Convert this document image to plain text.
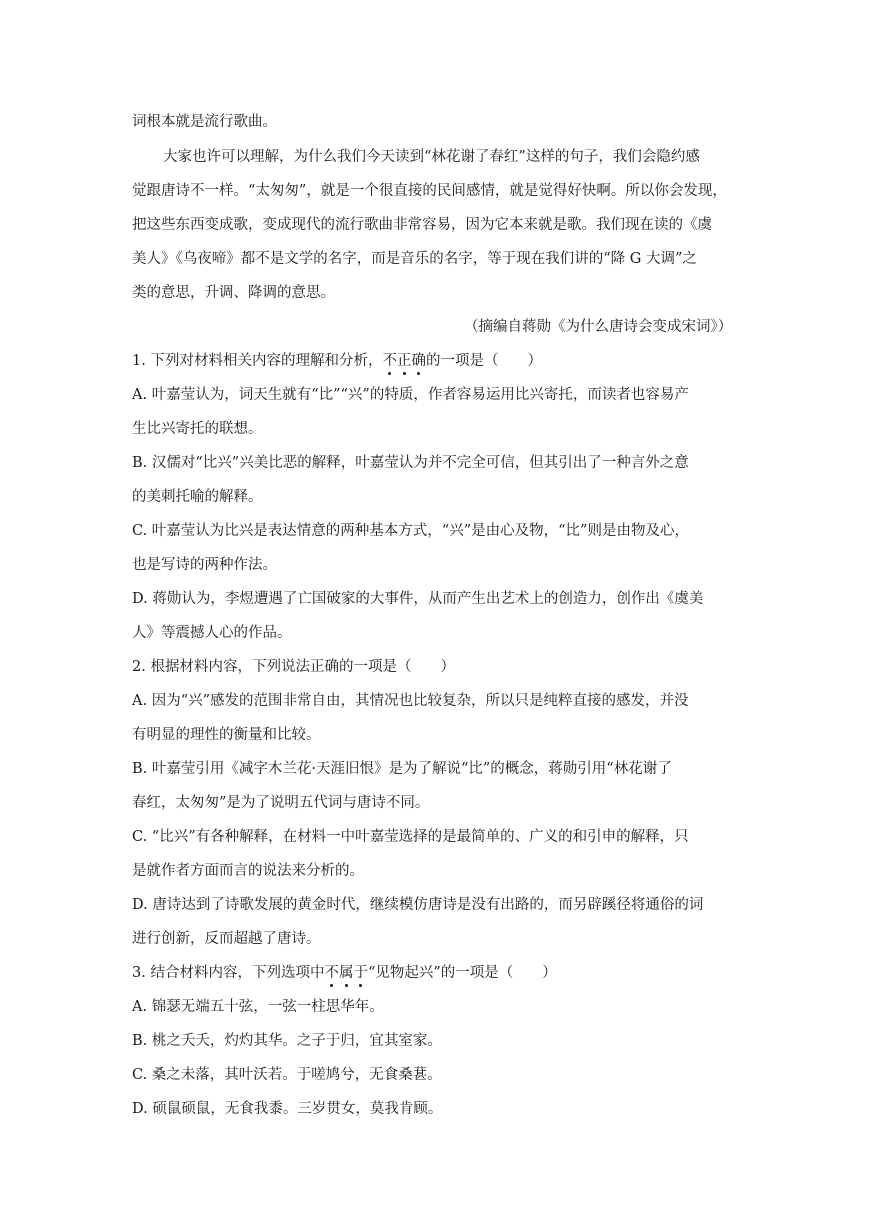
词根本就是流行歌曲。
大家也许可以理解，为什么我们今天读到“林花谢了春红”这样的句子，我们会隐约感
觉跟唐诗不一样。“太匆匆”，就是一个很直接的民间感情，就是觉得好快啊。所以你会发现，
把这些东西变成歌，变成现代的流行歌曲非常容易，因为它本来就是歌。我们现在读的《虞
美人》《乌夜啼》都不是文学的名字，而是音乐的名字，等于现在我们讲的“降 G 大调”之
类的意思，升调、降调的意思。
（摘编自蒋勋《为什么唐诗会变成宋词》）
1. 下列对材料相关内容的理解和分析，不正确的一项是（　　）
A. 叶嘉莹认为，词天生就有“比”“兴”的特质，作者容易运用比兴寄托，而读者也容易产
生比兴寄托的联想。
B. 汉儒对“比兴”兴美比恶的解释，叶嘉莹认为并不完全可信，但其引出了一种言外之意
的美刺托喻的解释。
C. 叶嘉莹认为比兴是表达情意的两种基本方式，“兴”是由心及物，“比”则是由物及心，
也是写诗的两种作法。
D. 蒋勋认为，李煜遭遇了亡国破家的大事件，从而产生出艺术上的创造力，创作出《虞美
人》等震撼人心的作品。
2. 根据材料内容，下列说法正确的一项是（　　）
A. 因为“兴”感发的范围非常自由，其情况也比较复杂，所以只是纯粹直接的感发，并没
有明显的理性的衡量和比较。
B. 叶嘉莹引用《减字木兰花·天涯旧恨》是为了解说“比”的概念，蒋勋引用“林花谢了
春红，太匆匆”是为了说明五代词与唐诗不同。
C. “比兴”有各种解释，在材料一中叶嘉莹选择的是最简单的、广义的和引申的解释，只
是就作者方面而言的说法来分析的。
D. 唐诗达到了诗歌发展的黄金时代，继续模仿唐诗是没有出路的，而另辟蹊径将通俗的词
进行创新，反而超越了唐诗。
3. 结合材料内容，下列选项中不属于“见物起兴”的一项是（　　）
A. 锦瑟无端五十弦，一弦一柱思华年。
B. 桃之夭夭，灼灼其华。之子于归，宜其室家。
C. 桑之未落，其叶沃若。于嗟鸠兮，无食桑葚。
D. 硕鼠硕鼠，无食我黍。三岁贯女，莫我肯顾。
